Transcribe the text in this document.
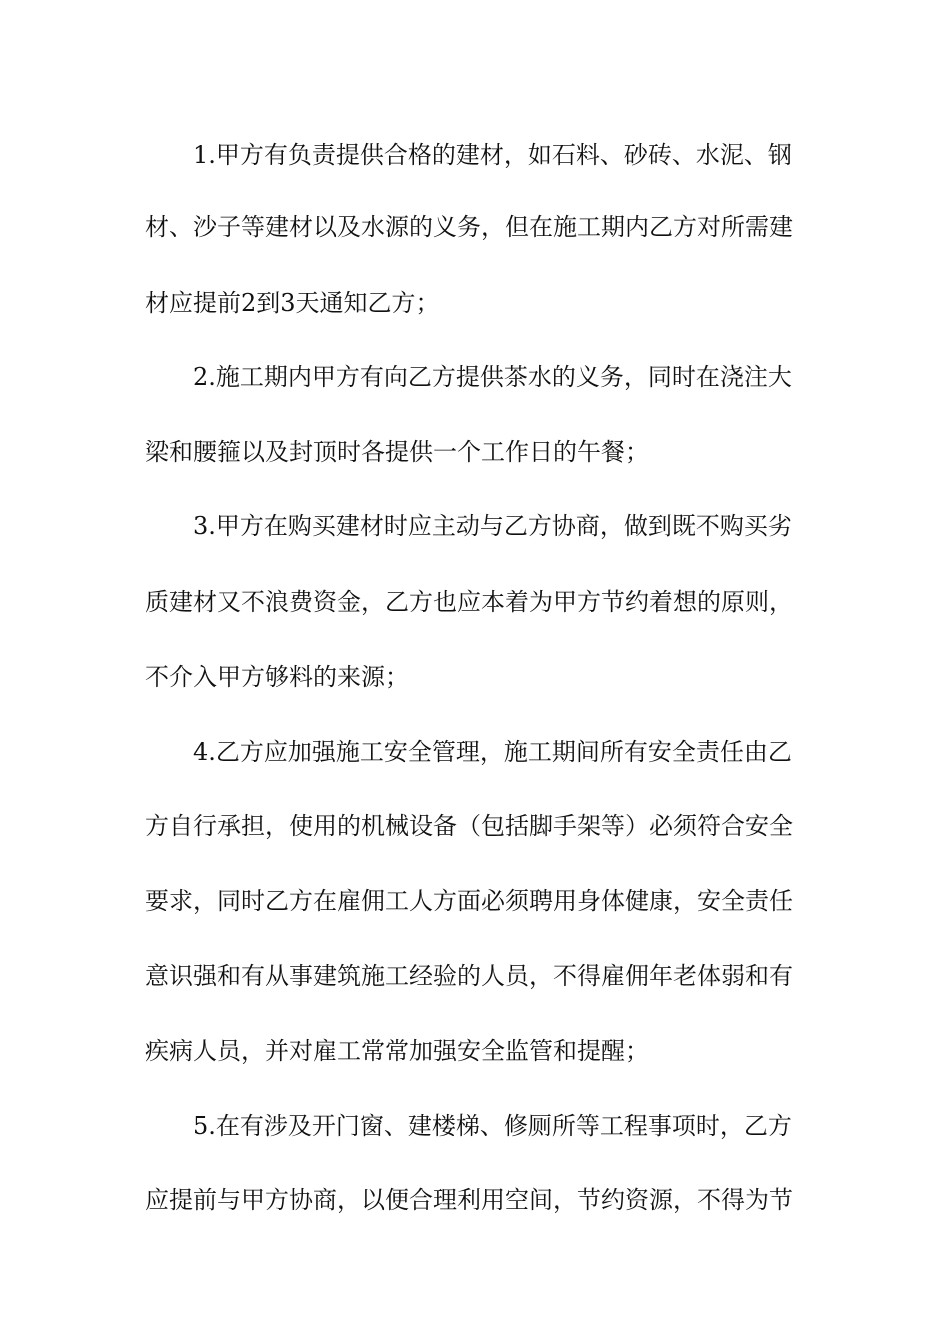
1.甲方有负责提供合格的建材，如石料、砂砖、水泥、钢
材、沙子等建材以及水源的义务，但在施工期内乙方对所需建
材应提前2到3天通知乙方；
2.施工期内甲方有向乙方提供茶水的义务，同时在浇注大
梁和腰箍以及封顶时各提供一个工作日的午餐；
3.甲方在购买建材时应主动与乙方协商，做到既不购买劣
质建材又不浪费资金，乙方也应本着为甲方节约着想的原则，
不介入甲方够料的来源；
4.乙方应加强施工安全管理，施工期间所有安全责任由乙
方自行承担，使用的机械设备（包括脚手架等）必须符合安全
要求，同时乙方在雇佣工人方面必须聘用身体健康，安全责任
意识强和有从事建筑施工经验的人员，不得雇佣年老体弱和有
疾病人员，并对雇工常常加强安全监管和提醒；
5.在有涉及开门窗、建楼梯、修厕所等工程事项时，乙方
应提前与甲方协商，以便合理利用空间，节约资源，不得为节
